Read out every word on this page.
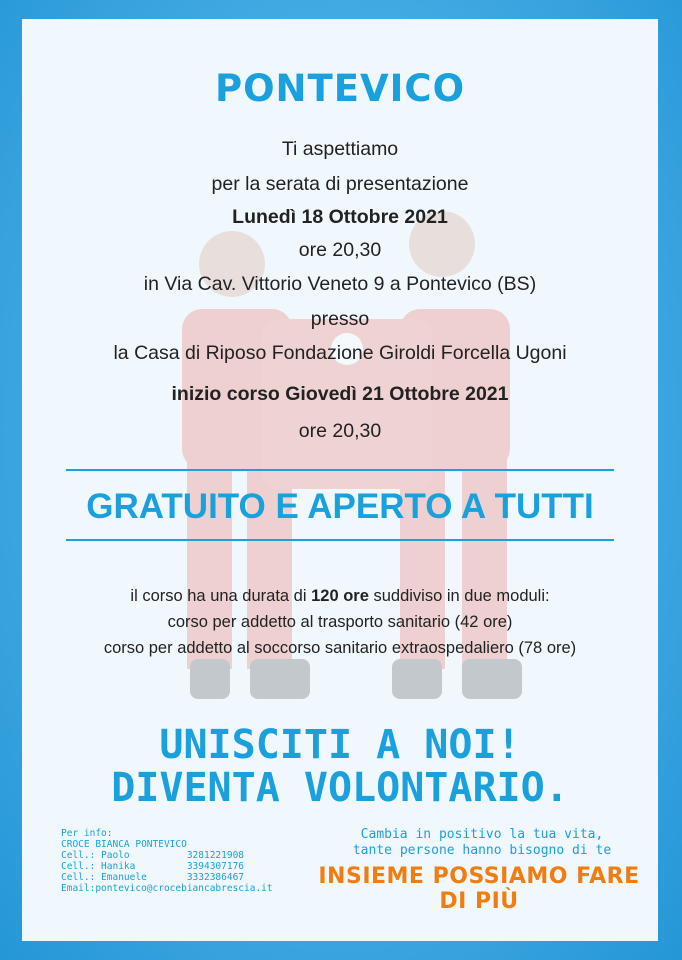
PONTEVICO
Ti aspettiamo
per la serata di presentazione
Lunedì 18 Ottobre 2021
ore 20,30
in Via Cav. Vittorio Veneto 9 a Pontevico (BS)
presso
la Casa di Riposo Fondazione Giroldi Forcella Ugoni
inizio corso Giovedì 21 Ottobre 2021
ore 20,30
GRATUITO E APERTO A TUTTI
il corso ha una durata di 120 ore suddiviso in due moduli:
corso per addetto al trasporto sanitario (42 ore)
corso per addetto al soccorso sanitario extraospedaliero (78 ore)
UNISCITI A NOI!
DIVENTA VOLONTARIO.
Per info:
CROCE BIANCA PONTEVICO
Cell.: Paolo          3281221908
Cell.: Hanika         3394307176
Cell.: Emanuele       3332386467
Email:pontevico@crocebiancabrescia.it
Cambia in positivo la tua vita,
tante persone hanno bisogno di te
INSIEME POSSIAMO FARE DI PIÙ
